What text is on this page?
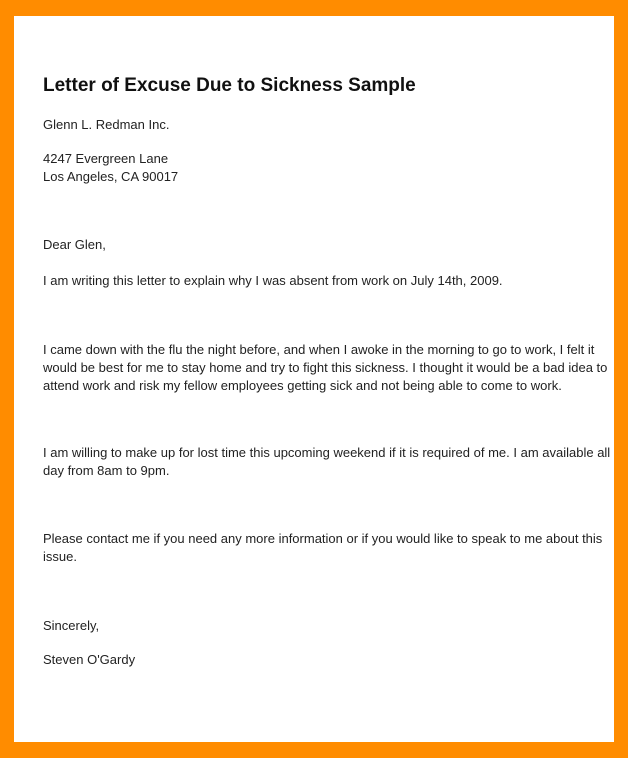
Letter of Excuse Due to Sickness Sample

Glenn L. Redman Inc.

4247 Evergreen Lane

Los Angeles, CA 90017

Dear Glen,

I am writing this letter to explain why I was absent from work on July 14th, 2009.

I came down with the flu the night before, and when I awoke in the morning to go to work, I felt it
would be best for me to stay home and try to fight this sickness. I thought it would be a bad idea to
attend work and risk my fellow employees getting sick and not being able to come to work.
I am willing to make up for lost time this upcoming weekend if it is required of me. I am available all
day from 8am to 9pm.
Please contact me if you need any more information or if you would like to speak to me about this
issue.

Sincerely,

Steven O'Gardy
